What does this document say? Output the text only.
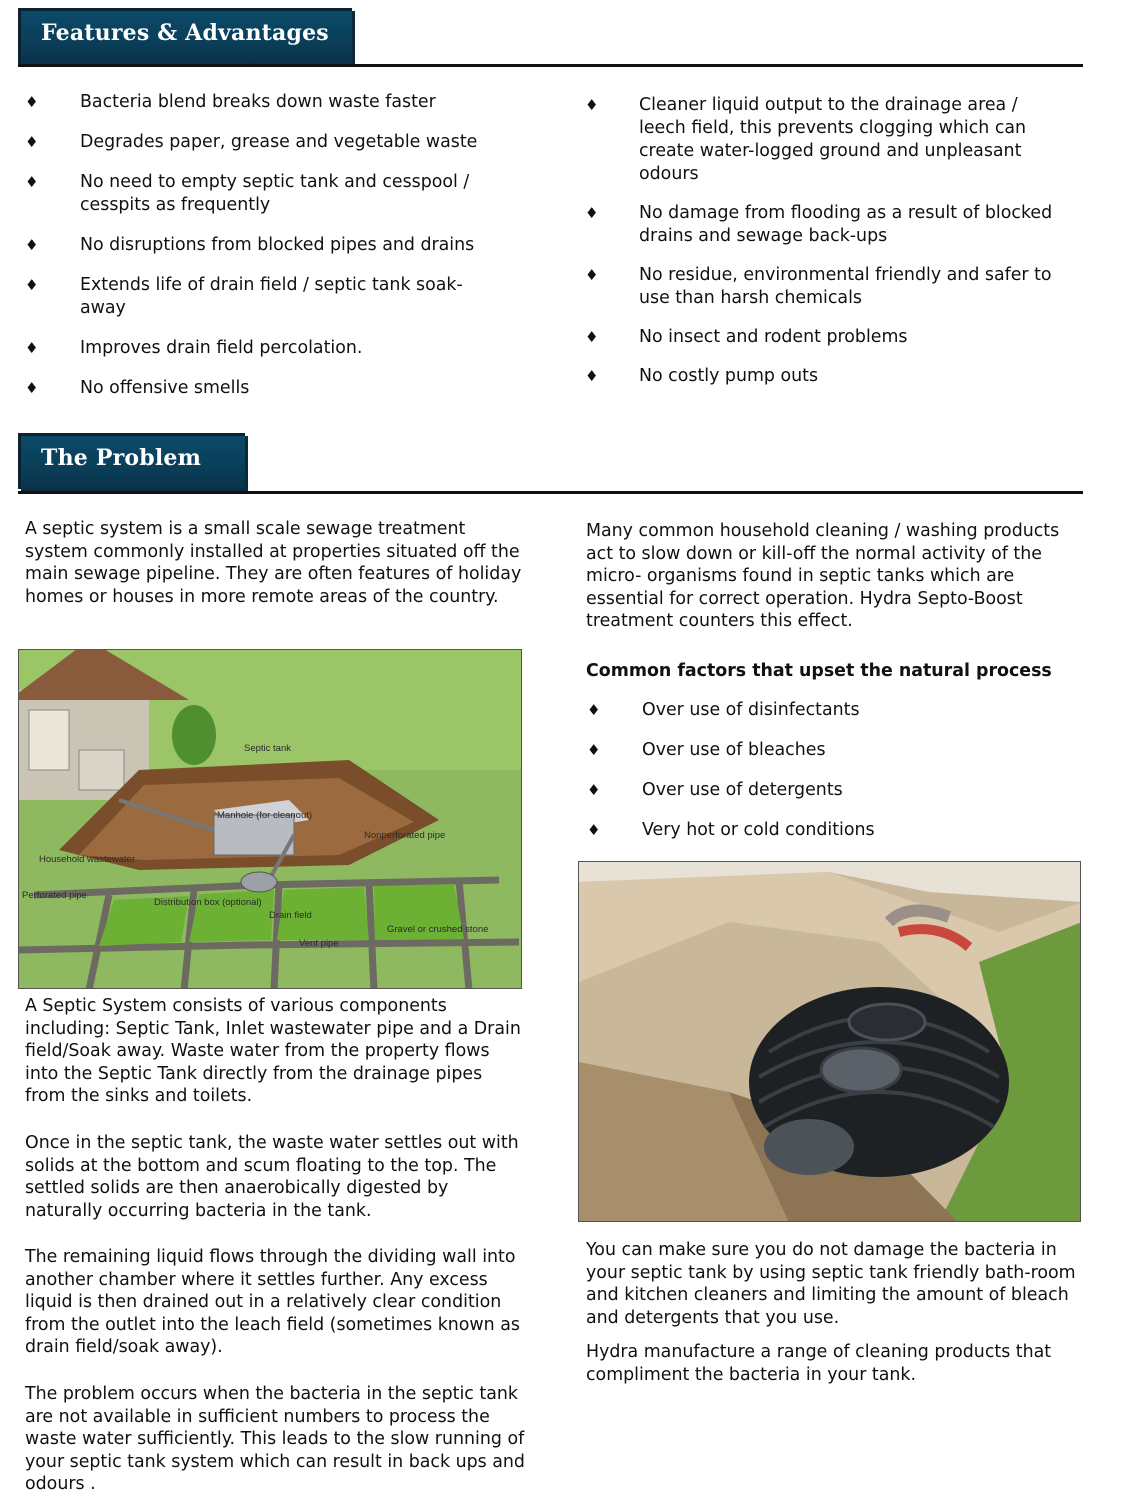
Features & Advantages
♦ Bacteria blend breaks down waste faster
♦ Degrades paper, grease and vegetable waste
♦ No need to empty septic tank and cesspool / cesspits as frequently
♦ No disruptions from blocked pipes and drains
♦ Extends life of drain field / septic tank soak-away
♦ Improves drain field percolation.
♦ No offensive smells
♦ Cleaner liquid output to the drainage area / leech field, this prevents clogging which can create water-logged ground and unpleasant odours
♦ No damage from flooding as a result of blocked drains and sewage back-ups
♦ No residue, environmental friendly and safer to use than harsh chemicals
♦ No insect and rodent problems
♦ No costly pump outs
The Problem

A septic system is a small scale sewage treatment system commonly installed at properties situated off the main sewage pipeline. They are often features of holiday homes or houses in more remote areas of the country.

Septic tank
Manhole (for cleanout)
Nonperforated pipe
Household wastewater
Perforated pipe
Distribution box (optional)
Drain field
Vent pipe
Gravel or crushed stone

A Septic System consists of various components including: Septic Tank, Inlet wastewater pipe and a Drain field/Soak away. Waste water from the property flows into the Septic Tank directly from the drainage pipes from the sinks and toilets.

Once in the septic tank, the waste water settles out with solids at the bottom and scum floating to the top. The settled solids are then anaerobically digested by naturally occurring bacteria in the tank.

The remaining liquid flows through the dividing wall into another chamber where it settles further. Any excess liquid is then drained out in a relatively clear condition from the outlet into the leach field (sometimes known as drain field/soak away).

The problem occurs when the bacteria in the septic tank are not available in sufficient numbers to process the waste water sufficiently. This leads to the slow running of your septic tank system which can result in back ups and odours .

Many common household cleaning / washing products act to slow down or kill-off the normal activity of the micro- organisms found in septic tanks which are essential for correct operation. Hydra Septo-Boost treatment counters this effect.

Common factors that upset the natural process
♦ Over use of disinfectants
♦ Over use of bleaches
♦ Over use of detergents
♦ Very hot or cold conditions

You can make sure you do not damage the bacteria in your septic tank by using septic tank friendly bath-room and kitchen cleaners and limiting the amount of bleach and detergents that you use.

Hydra manufacture a range of cleaning products that compliment the bacteria in your tank.
